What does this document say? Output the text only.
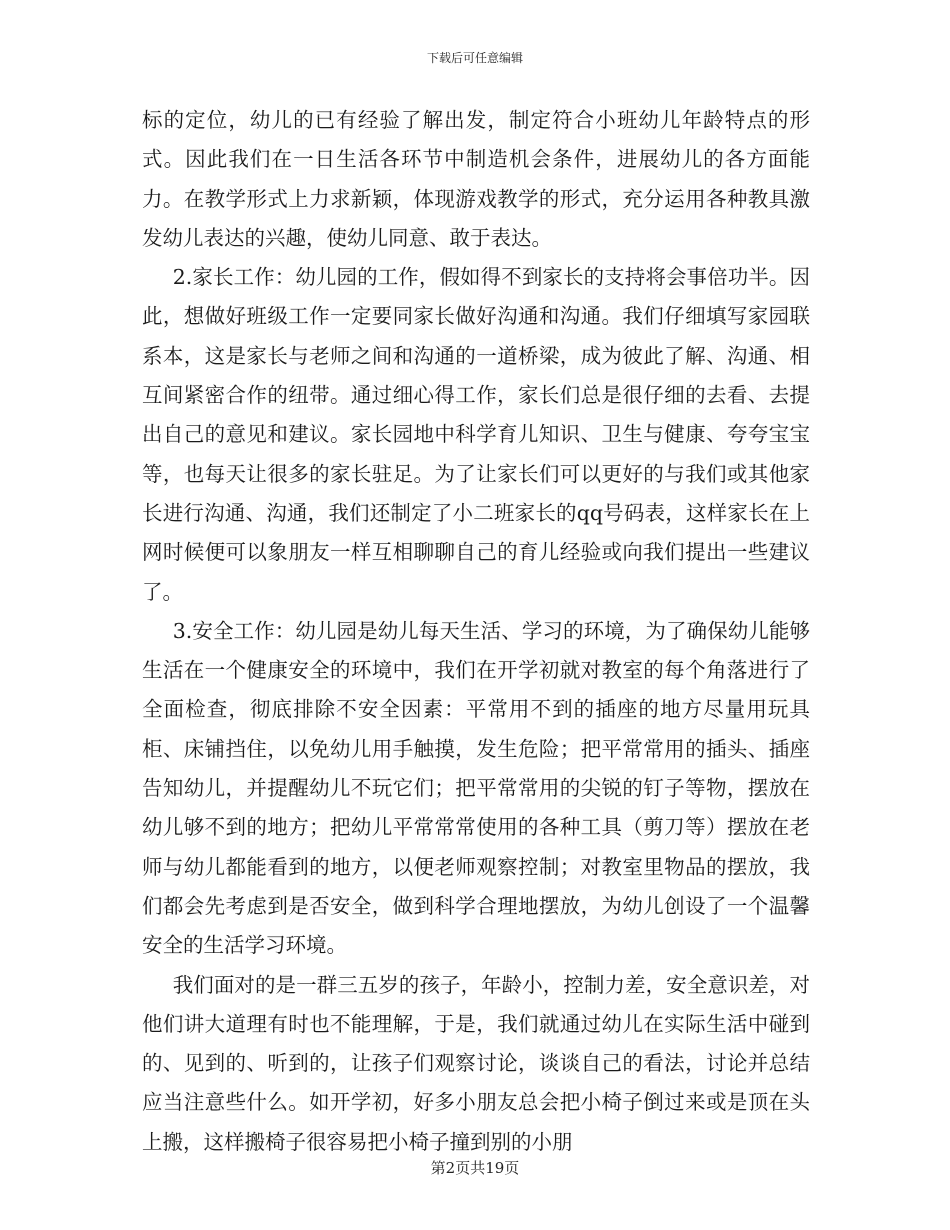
下载后可任意编辑

标的定位，幼儿的已有经验了解出发，制定符合小班幼儿年龄特点的形式。因此我们在一日生活各环节中制造机会条件，进展幼儿的各方面能力。在教学形式上力求新颖，体现游戏教学的形式，充分运用各种教具激发幼儿表达的兴趣，使幼儿同意、敢于表达。

2.家长工作：幼儿园的工作，假如得不到家长的支持将会事倍功半。因此，想做好班级工作一定要同家长做好沟通和沟通。我们仔细填写家园联系本，这是家长与老师之间和沟通的一道桥梁，成为彼此了解、沟通、相互间紧密合作的纽带。通过细心得工作，家长们总是很仔细的去看、去提出自己的意见和建议。家长园地中科学育儿知识、卫生与健康、夸夸宝宝等，也每天让很多的家长驻足。为了让家长们可以更好的与我们或其他家长进行沟通、沟通，我们还制定了小二班家长的qq号码表，这样家长在上网时候便可以象朋友一样互相聊聊自己的育儿经验或向我们提出一些建议了。

3.安全工作：幼儿园是幼儿每天生活、学习的环境，为了确保幼儿能够生活在一个健康安全的环境中，我们在开学初就对教室的每个角落进行了全面检查，彻底排除不安全因素：平常用不到的插座的地方尽量用玩具柜、床铺挡住，以免幼儿用手触摸，发生危险；把平常常用的插头、插座告知幼儿，并提醒幼儿不玩它们；把平常常用的尖锐的钉子等物，摆放在幼儿够不到的地方；把幼儿平常常常使用的各种工具（剪刀等）摆放在老师与幼儿都能看到的地方，以便老师观察控制；对教室里物品的摆放，我们都会先考虑到是否安全，做到科学合理地摆放，为幼儿创设了一个温馨安全的生活学习环境。

我们面对的是一群三五岁的孩子，年龄小，控制力差，安全意识差，对他们讲大道理有时也不能理解，于是，我们就通过幼儿在实际生活中碰到的、见到的、听到的，让孩子们观察讨论，谈谈自己的看法，讨论并总结应当注意些什么。如开学初，好多小朋友总会把小椅子倒过来或是顶在头上搬，这样搬椅子很容易把小椅子撞到别的小朋

第2页共19页
